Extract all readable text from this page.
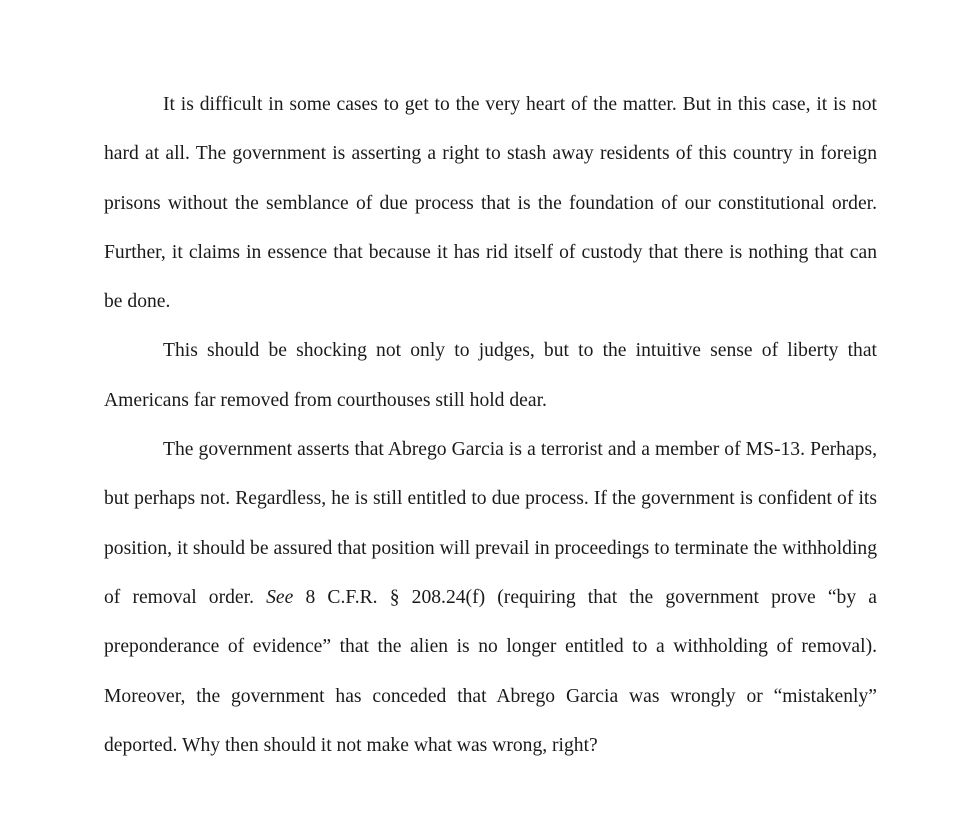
It is difficult in some cases to get to the very heart of the matter. But in this case, it is not hard at all. The government is asserting a right to stash away residents of this country in foreign prisons without the semblance of due process that is the foundation of our constitutional order. Further, it claims in essence that because it has rid itself of custody that there is nothing that can be done.

This should be shocking not only to judges, but to the intuitive sense of liberty that Americans far removed from courthouses still hold dear.

The government asserts that Abrego Garcia is a terrorist and a member of MS-13. Perhaps, but perhaps not. Regardless, he is still entitled to due process. If the government is confident of its position, it should be assured that position will prevail in proceedings to terminate the withholding of removal order. See 8 C.F.R. § 208.24(f) (requiring that the government prove “by a preponderance of evidence” that the alien is no longer entitled to a withholding of removal). Moreover, the government has conceded that Abrego Garcia was wrongly or “mistakenly” deported. Why then should it not make what was wrong, right?
